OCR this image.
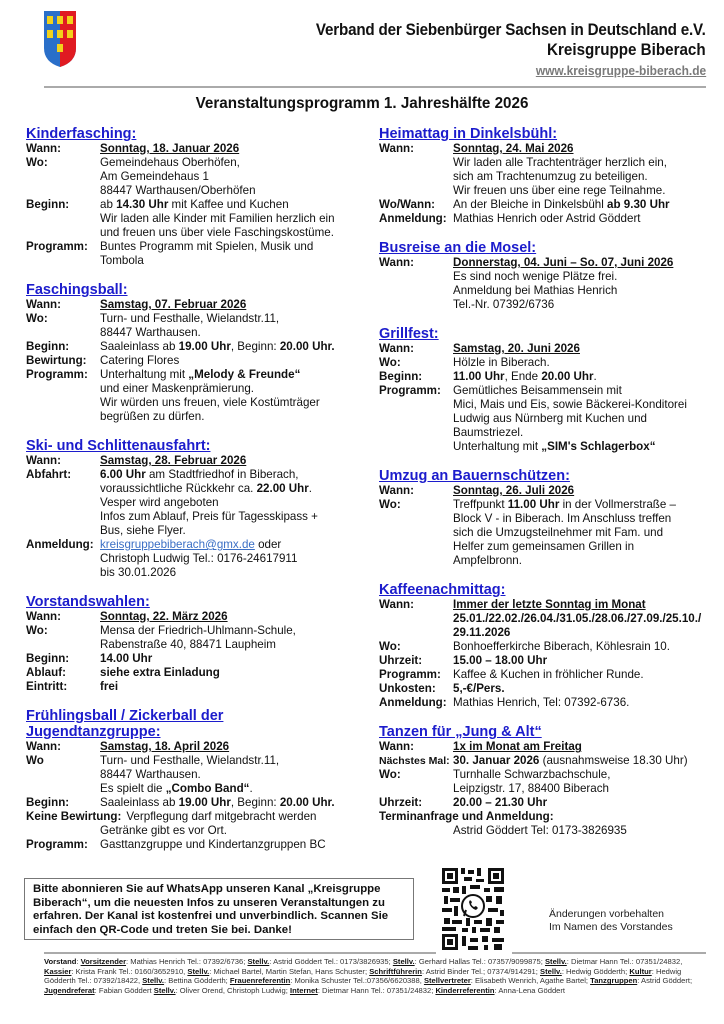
Verband der Siebenbürger Sachsen in Deutschland e.V.
Kreisgruppe Biberach
www.kreisgruppe-biberach.de
Veranstaltungsprogramm 1. Jahreshälfte 2026
Kinderfasching:
Wann:	Sonntag, 18. Januar 2026
Wo:	Gemeindehaus Oberhöfen,
Am Gemeindehaus 1
88447 Warthausen/Oberhöfen
Beginn:	ab 14.30 Uhr mit Kaffee und Kuchen
Wir laden alle Kinder mit Familien herzlich ein
und freuen uns über viele Faschingskostüme.
Programm:	Buntes Programm mit Spielen, Musik und
Tombola
Faschingsball:
Wann:	Samstag, 07. Februar 2026
Wo:	Turn- und Festhalle, Wielandstr.11,
88447 Warthausen.
Beginn:	Saaleinlass ab 19.00 Uhr, Beginn: 20.00 Uhr.
Bewirtung:	Catering Flores
Programm:	Unterhaltung mit „Melody & Freunde“
und einer Maskenprämierung.
Wir würden uns freuen, viele Kostümträger
begrüßen zu dürfen.
Ski- und Schlittenausfahrt:
Wann:	Samstag, 28. Februar 2026
Abfahrt:	6.00 Uhr am Stadtfriedhof in Biberach,
voraussichtliche Rückkehr ca. 22.00 Uhr.
Vesper wird angeboten
Infos zum Ablauf, Preis für Tagesskipass +
Bus, siehe Flyer.
Anmeldung: kreisgruppebiberach@gmx.de oder
Christoph Ludwig Tel.: 0176-24617911
bis 30.01.2026
Vorstandswahlen:
Wann:	Sonntag, 22. März 2026
Wo:	Mensa der Friedrich-Uhlmann-Schule,
Rabenstraße 40, 88471 Laupheim
Beginn:	14.00 Uhr
Ablauf:	siehe extra Einladung
Eintritt:	frei
Frühlingsball / Zickerball der
Jugendtanzgruppe:
Wann:	Samstag, 18. April 2026
Wo	Turn- und Festhalle, Wielandstr.11,
88447 Warthausen.
Es spielt die „Combo Band“.
Beginn:	Saaleinlass ab 19.00 Uhr, Beginn: 20.00 Uhr.
Keine Bewirtung: Verpflegung darf mitgebracht werden
Getränke gibt es vor Ort.
Programm:	Gasttanzgruppe und Kindertanzgruppen BC
Heimattag in Dinkelsbühl:
Wann:	Sonntag, 24. Mai 2026
Wir laden alle Trachtenträger herzlich ein,
sich am Trachtenumzug zu beteiligen.
Wir freuen uns über eine rege Teilnahme.
Wo/Wann:	An der Bleiche in Dinkelsbühl ab 9.30 Uhr
Anmeldung: Mathias Henrich oder Astrid Göddert
Busreise an die Mosel:
Wann:	Donnerstag, 04. Juni – So. 07, Juni 2026
Es sind noch wenige Plätze frei.
Anmeldung bei Mathias Henrich
Tel.-Nr. 07392/6736
Grillfest:
Wann:	Samstag, 20. Juni 2026
Wo:	Hölzle in Biberach.
Beginn:	11.00 Uhr, Ende 20.00 Uhr.
Programm:	Gemütliches Beisammensein mit
Mici, Mais und Eis, sowie Bäckerei-Konditorei
Ludwig aus Nürnberg mit Kuchen und
Baumstriezel.
Unterhaltung mit „SIM's Schlagerbox“
Umzug an Bauernschützen:
Wann:	Sonntag, 26. Juli 2026
Wo:	Treffpunkt 11.00 Uhr in der Vollmerstraße –
Block V - in Biberach. Im Anschluss treffen
sich die Umzugsteilnehmer mit Fam. und
Helfer zum gemeinsamen Grillen in
Ampfelbronn.
Kaffeenachmittag:
Wann:	Immer der letzte Sonntag im Monat
25.01./22.02./26.04./31.05./28.06./27.09./25.10./
29.11.2026
Wo:	Bonhoefferkirche Biberach, Köhlesrain 10.
Uhrzeit:	15.00 – 18.00 Uhr
Programm:	Kaffee & Kuchen in fröhlicher Runde.
Unkosten:	5,-€/Pers.
Anmeldung: Mathias Henrich, Tel: 07392-6736.
Tanzen für „Jung & Alt“
Wann:	1x im Monat am Freitag
Nächstes Mal: 30. Januar 2026 (ausnahmsweise 18.30 Uhr)
Wo:	Turnhalle Schwarzbachschule,
Leipzigstr. 17, 88400 Biberach
Uhrzeit:	20.00 – 21.30 Uhr
Terminanfrage und Anmeldung:
Astrid Göddert Tel: 0173-3826935
Bitte abonnieren Sie auf WhatsApp unseren Kanal „Kreisgruppe Biberach“, um die neuesten Infos zu unseren Veranstaltungen zu erfahren. Der Kanal ist kostenfrei und unverbindlich. Scannen Sie einfach den QR-Code und treten Sie bei. Danke!
Änderungen vorbehalten
Im Namen des Vorstandes
Vorstand: Vorsitzender: Mathias Henrich Tel.: 07392/6736; Stellv.: Astrid Göddert Tel.: 0173/3826935; Stellv.: Gerhard Hallas Tel.: 07357/9099875; Stellv.: Dietmar Hann Tel.: 07351/24832, Kassier: Krista Frank Tel.: 0160/3652910, Stellv.: Michael Bartel, Martin Stefan, Hans Schuster; Schriftführerin: Astrid Binder Tel.; 07374/914291; Stellv.: Hedwig Gödderth; Kultur: Hedwig Gödderth Tel.: 07392/18422, Stellv.: Bettina Gödderth; Frauenreferentin: Monika Schuster Tel.:07356/6620388, Stellvertreter: Elisabeth Wenrich, Agathe Bartel; Tanzgruppen: Astrid Göddert; Jugendreferat: Fabian Göddert Stellv.: Oliver Orend, Christoph Ludwig; Internet: Dietmar Hann Tel.: 07351/24832; Kinderreferentin: Anna-Lena Göddert
